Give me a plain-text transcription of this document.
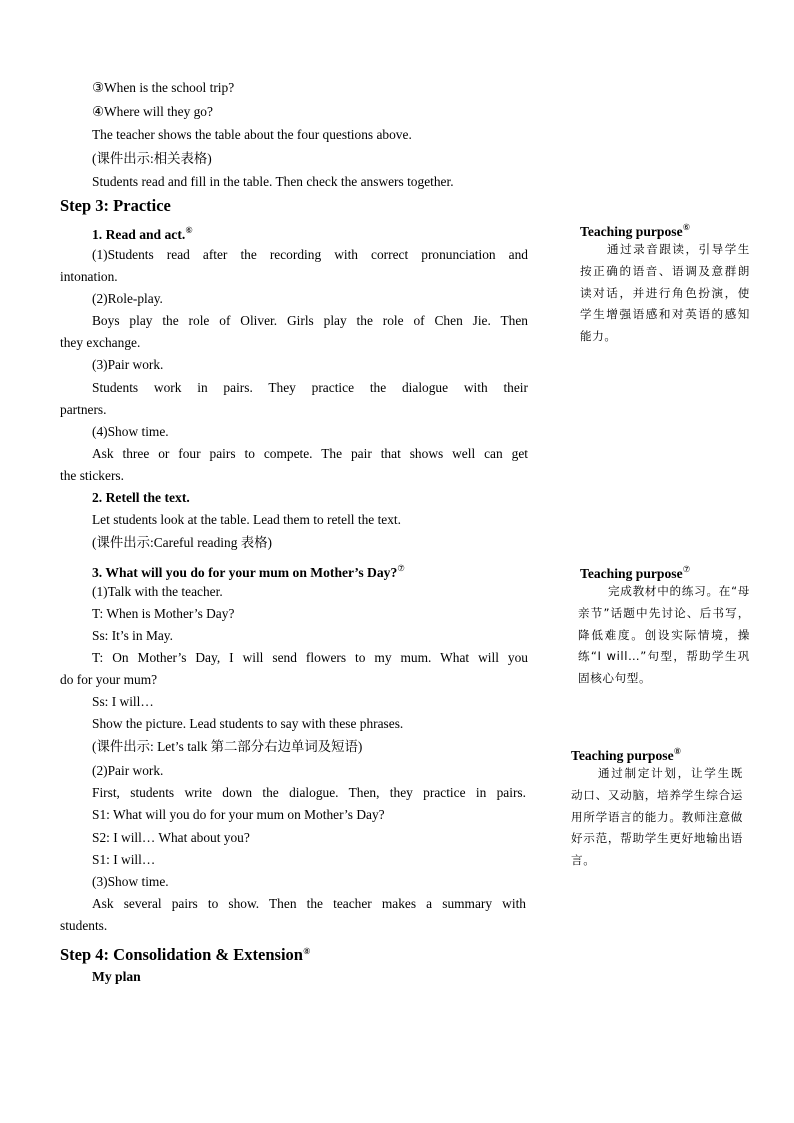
③When is the school trip?
④Where will they go?
The teacher shows the table about the four questions above.
(课件出示:相关表格)
Students read and fill in the table. Then check the answers together.
Step 3: Practice
1. Read and act.⑥
(1)Students read after the recording with correct pronunciation and
intonation.
(2)Role-play.
Boys play the role of Oliver. Girls play the role of Chen Jie. Then
they exchange.
(3)Pair work.
Students work in pairs. They practice the dialogue with their
partners.
(4)Show time.
Ask three or four pairs to compete. The pair that shows well can get
the stickers.
2. Retell the text.
Let students look at the table. Lead them to retell the text.
(课件出示:Careful reading 表格)
3. What will you do for your mum on Mother’s Day?⑦
(1)Talk with the teacher.
T: When is Mother’s Day?
Ss: It’s in May.
T: On Mother’s Day, I will send flowers to my mum. What will you
do for your mum?
Ss: I will…
Show the picture. Lead students to say with these phrases.
(课件出示: Let’s talk 第二部分右边单词及短语)
(2)Pair work.
First, students write down the dialogue. Then, they practice in pairs.
S1: What will you do for your mum on Mother’s Day?
S2: I will… What about you?
S1: I will…
(3)Show time.
Ask several pairs to show. Then the teacher makes a summary with
students.
Step 4: Consolidation & Extension⑧
My plan
Teaching purpose⑥
通过录音跟读，引导学生按正确的语音、语调及意群朗读对话，并进行角色扮演，使学生增强语感和对英语的感知能力。
Teaching purpose⑦
完成教材中的练习。在“母亲节”话题中先讨论、后书写，降低难度。创设实际情境，操练“I will…”句型，帮助学生巩固核心句型。
Teaching purpose⑧
通过制定计划，让学生既动口、又动脑，培养学生综合运用所学语言的能力。教师注意做好示范，帮助学生更好地输出语言。
